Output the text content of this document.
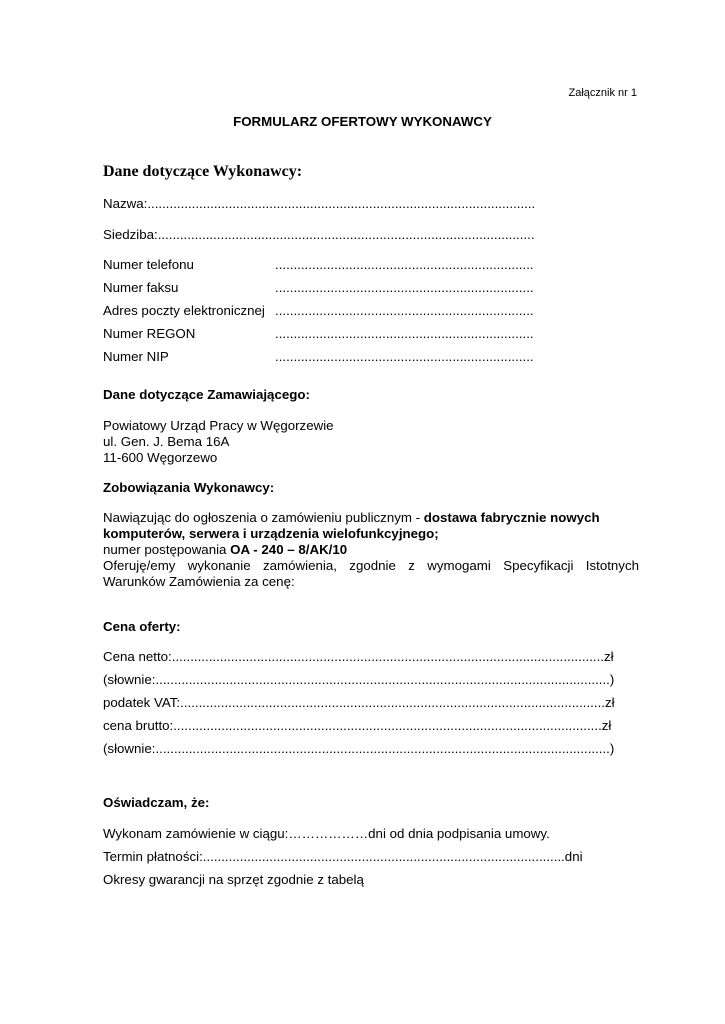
Załącznik nr 1
FORMULARZ OFERTOWY WYKONAWCY
Dane dotyczące Wykonawcy:
Nazwa:.........................................................................................................
Siedziba:......................................................................................................
Numer telefonu	......................................................................
Numer faksu	......................................................................
Adres poczty elektronicznej ......................................................................
Numer REGON	......................................................................
Numer NIP	......................................................................
Dane dotyczące Zamawiającego:
Powiatowy Urząd Pracy w Węgorzewie
ul. Gen. J. Bema 16A
11-600 Węgorzewo
Zobowiązania Wykonawcy:
Nawiązując do ogłoszenia o zamówieniu publicznym - dostawa fabrycznie nowych
komputerów, serwera i urządzenia wielofunkcyjnego;
numer postępowania OA - 240 – 8/AK/10
Oferuję/emy wykonanie zamówienia, zgodnie z wymogami Specyfikacji Istotnych
Warunków Zamówienia za cenę:
Cena oferty:
Cena netto:.....................................................................................................................zł
(słownie:...........................................................................................................................)
podatek VAT:...................................................................................................................zł
cena brutto:....................................................................................................................zł
(słownie:...........................................................................................................................)
Oświadczam, że:
Wykonam zamówienie w ciągu:………………dni od dnia podpisania umowy.
Termin płatności:..................................................................................................dni
Okresy gwarancji na sprzęt zgodnie z tabelą
